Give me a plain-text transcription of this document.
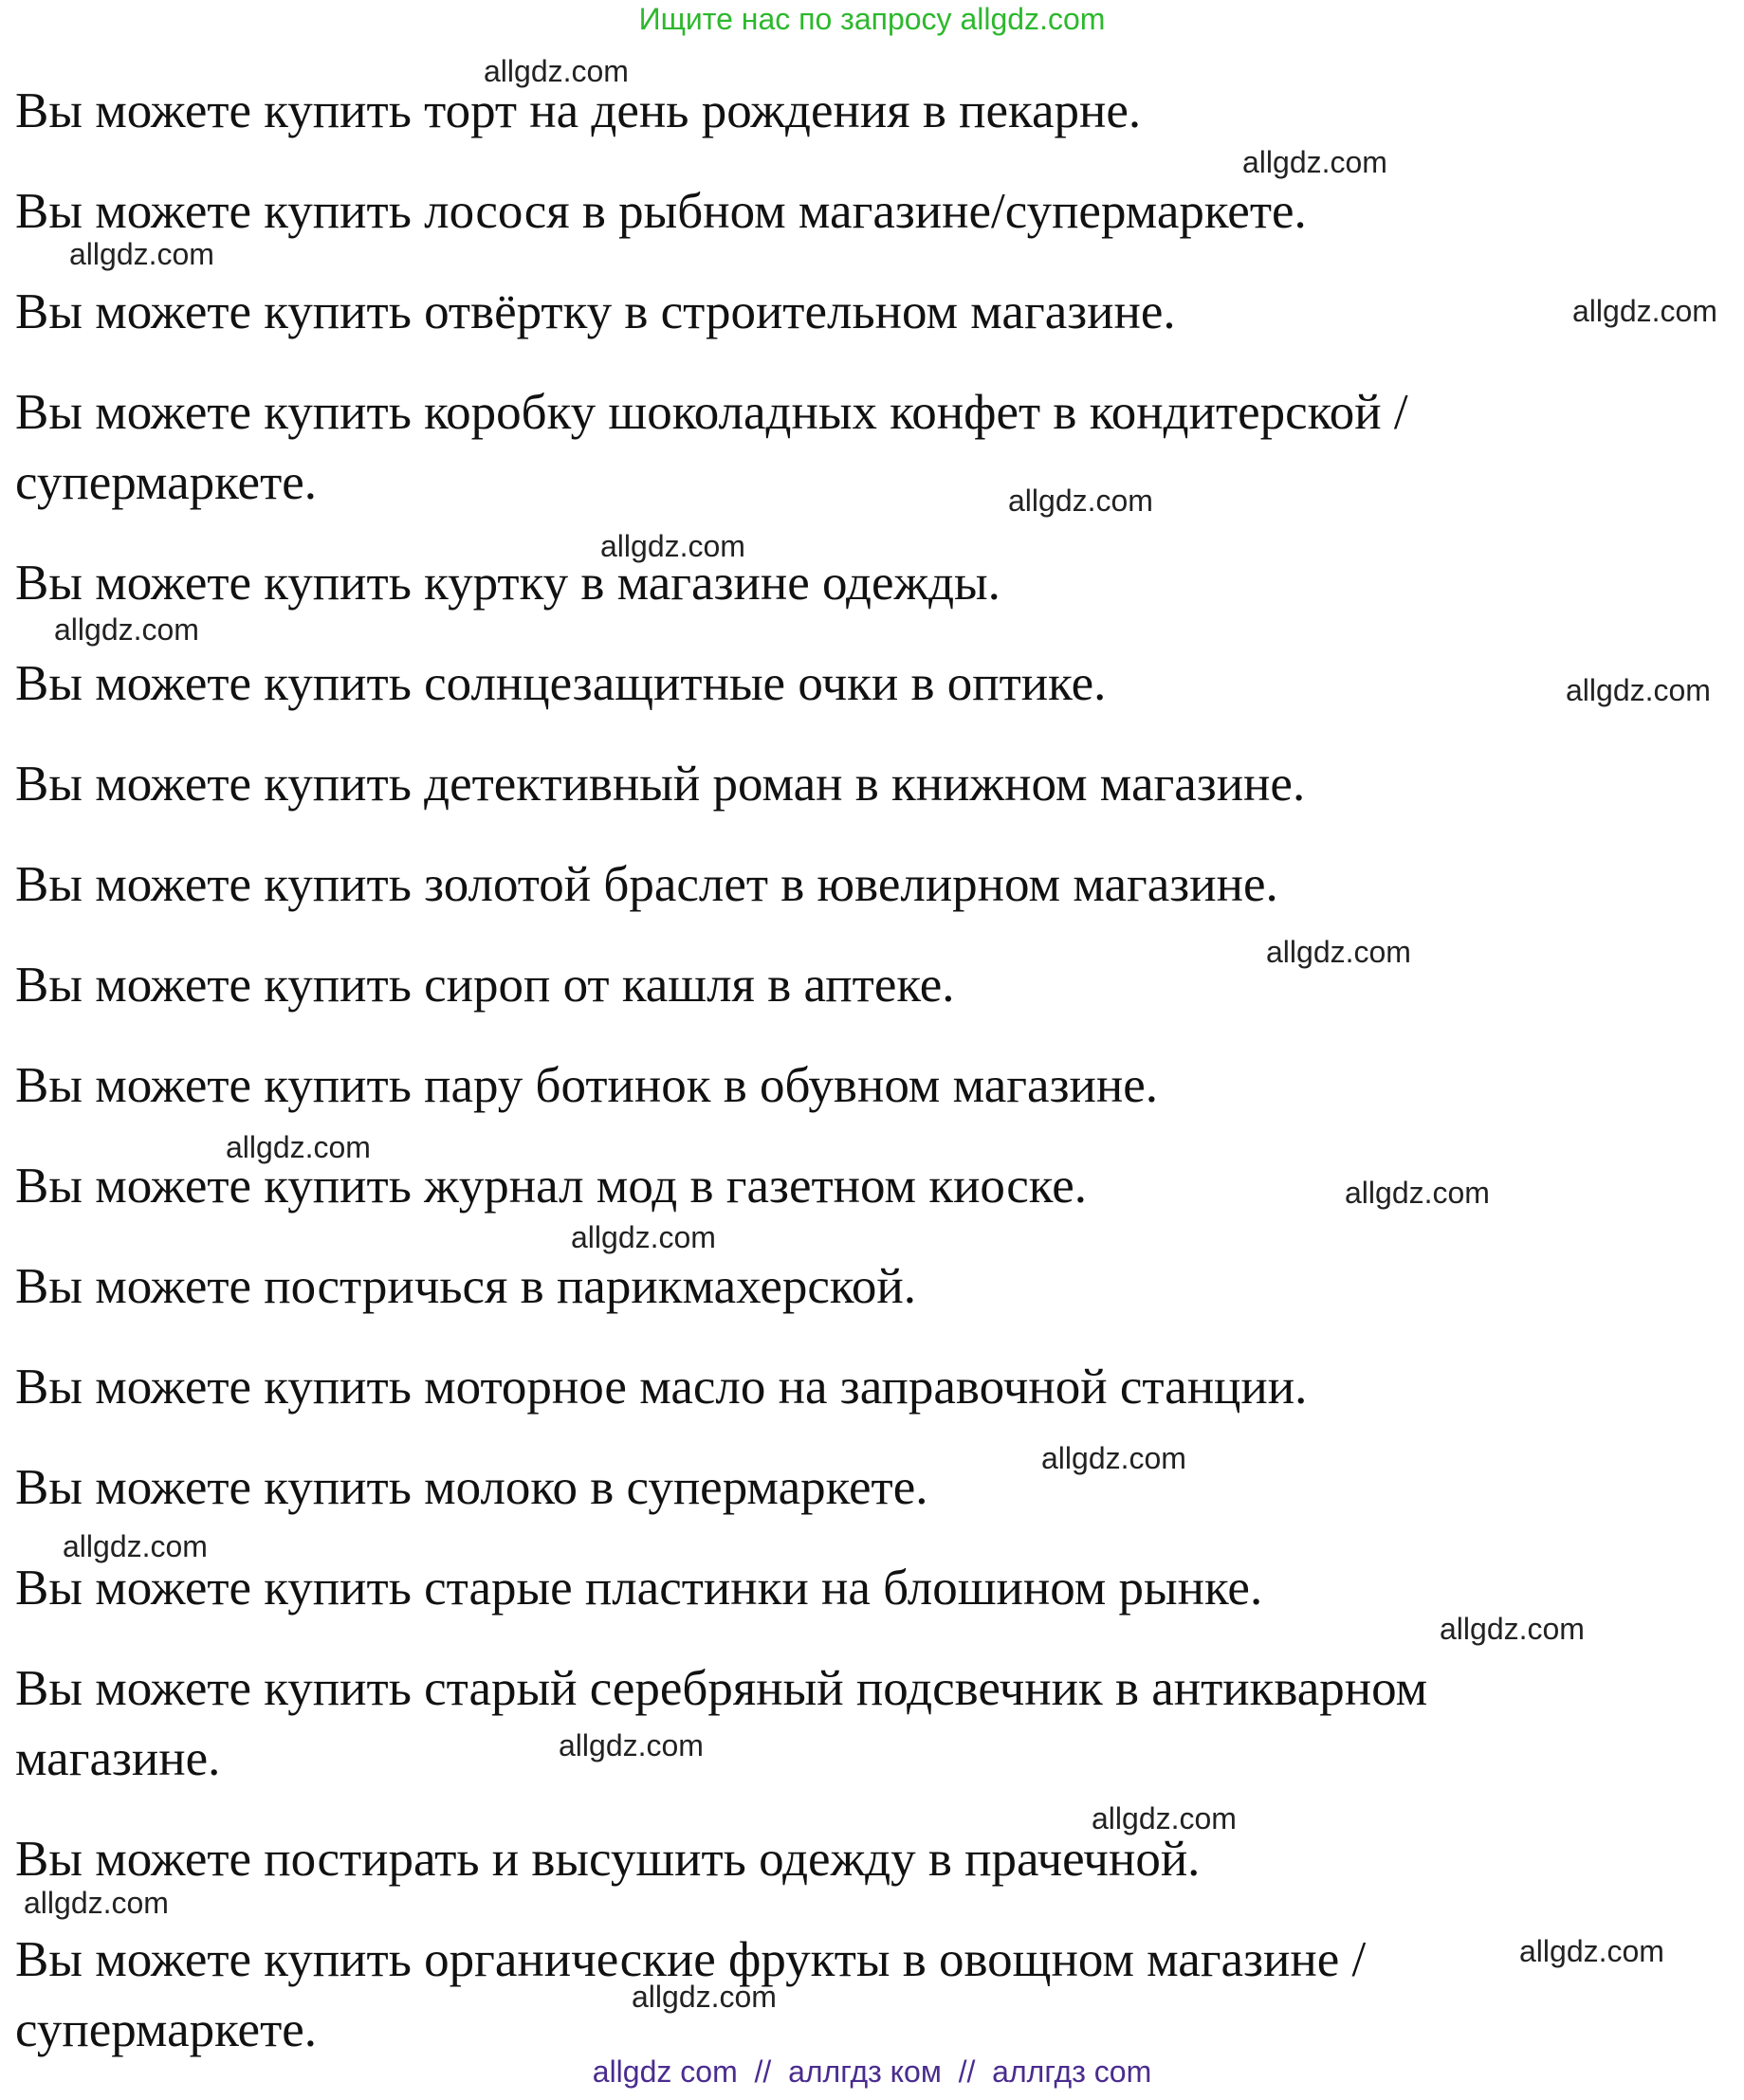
Ищите нас по запросу allgdz.com
Вы можете купить торт на день рождения в пекарне.
Вы можете купить лосося в рыбном магазине/супермаркете.
Вы можете купить отвёртку в строительном магазине.
Вы можете купить коробку шоколадных конфет в кондитерской /
супермаркете.
Вы можете купить куртку в магазине одежды.
Вы можете купить солнцезащитные очки в оптике.
Вы можете купить детективный роман в книжном магазине.
Вы можете купить золотой браслет в ювелирном магазине.
Вы можете купить сироп от кашля в аптеке.
Вы можете купить пару ботинок в обувном магазине.
Вы можете купить журнал мод в газетном киоске.
Вы можете постричься в парикмахерской.
Вы можете купить моторное масло на заправочной станции.
Вы можете купить молоко в супермаркете.
Вы можете купить старые пластинки на блошином рынке.
Вы можете купить старый серебряный подсвечник в антикварном
магазине.
Вы можете постирать и высушить одежду в прачечной.
Вы можете купить органические фрукты в овощном магазине /
супермаркете.
allgdz.com
allgdz.com
allgdz.com
allgdz.com
allgdz.com
allgdz.com
allgdz.com
allgdz.com
allgdz.com
allgdz.com
allgdz.com
allgdz.com
allgdz.com
allgdz.com
allgdz.com
allgdz.com
allgdz.com
allgdz.com
allgdz.com
allgdz.com
allgdz com  //  аллгдз ком  //  аллгдз com
